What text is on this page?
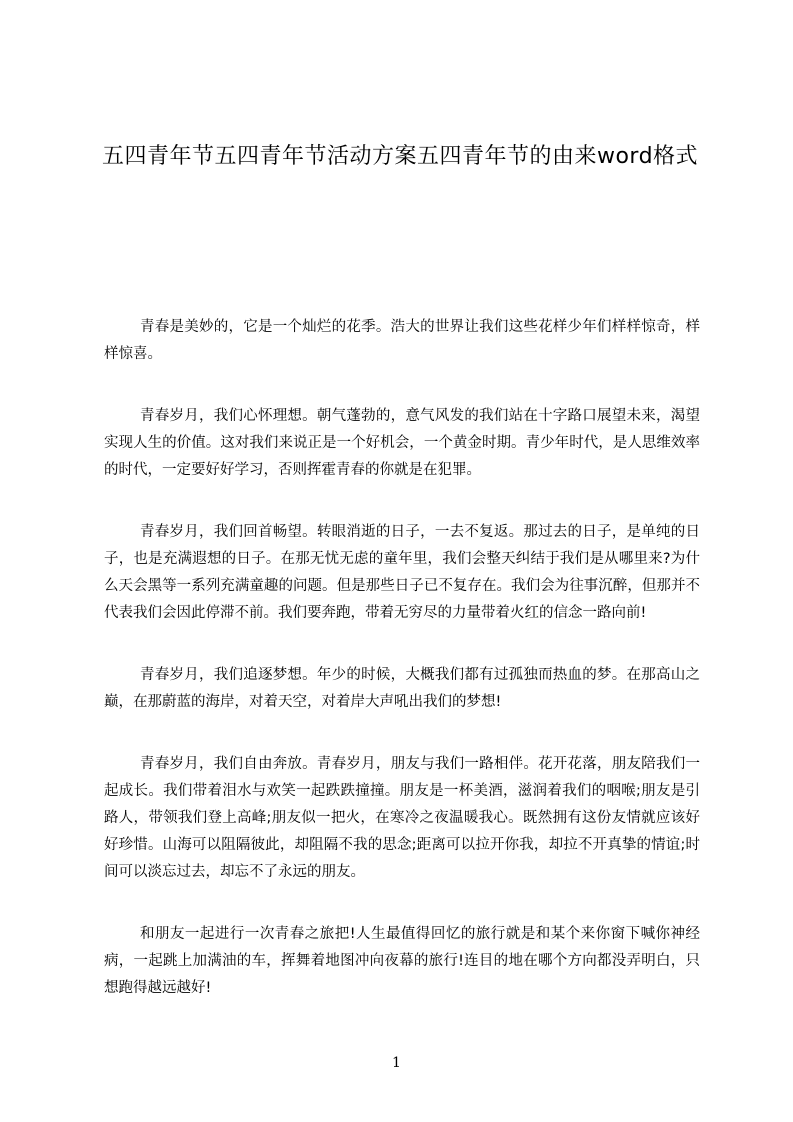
五四青年节五四青年节活动方案五四青年节的由来word格式

青春是美妙的，它是一个灿烂的花季。浩大的世界让我们这些花样少年们样样惊奇，样样惊喜。

青春岁月，我们心怀理想。朝气蓬勃的，意气风发的我们站在十字路口展望未来，渴望实现人生的价值。这对我们来说正是一个好机会，一个黄金时期。青少年时代，是人思维效率的时代，一定要好好学习，否则挥霍青春的你就是在犯罪。

青春岁月，我们回首畅望。转眼消逝的日子，一去不复返。那过去的日子，是单纯的日子，也是充满遐想的日子。在那无忧无虑的童年里，我们会整天纠结于我们是从哪里来?为什么天会黑等一系列充满童趣的问题。但是那些日子已不复存在。我们会为往事沉醉，但那并不代表我们会因此停滞不前。我们要奔跑，带着无穷尽的力量带着火红的信念一路向前!

青春岁月，我们追逐梦想。年少的时候，大概我们都有过孤独而热血的梦。在那高山之巅，在那蔚蓝的海岸，对着天空，对着岸大声吼出我们的梦想!

青春岁月，我们自由奔放。青春岁月，朋友与我们一路相伴。花开花落，朋友陪我们一起成长。我们带着泪水与欢笑一起跌跌撞撞。朋友是一杯美酒，滋润着我们的咽喉;朋友是引路人，带领我们登上高峰;朋友似一把火，在寒冷之夜温暖我心。既然拥有这份友情就应该好好珍惜。山海可以阻隔彼此，却阻隔不我的思念;距离可以拉开你我，却拉不开真挚的情谊;时间可以淡忘过去，却忘不了永远的朋友。

和朋友一起进行一次青春之旅把!人生最值得回忆的旅行就是和某个来你窗下喊你神经病，一起跳上加满油的车，挥舞着地图冲向夜幕的旅行!连目的地在哪个方向都没弄明白，只想跑得越远越好!

1
